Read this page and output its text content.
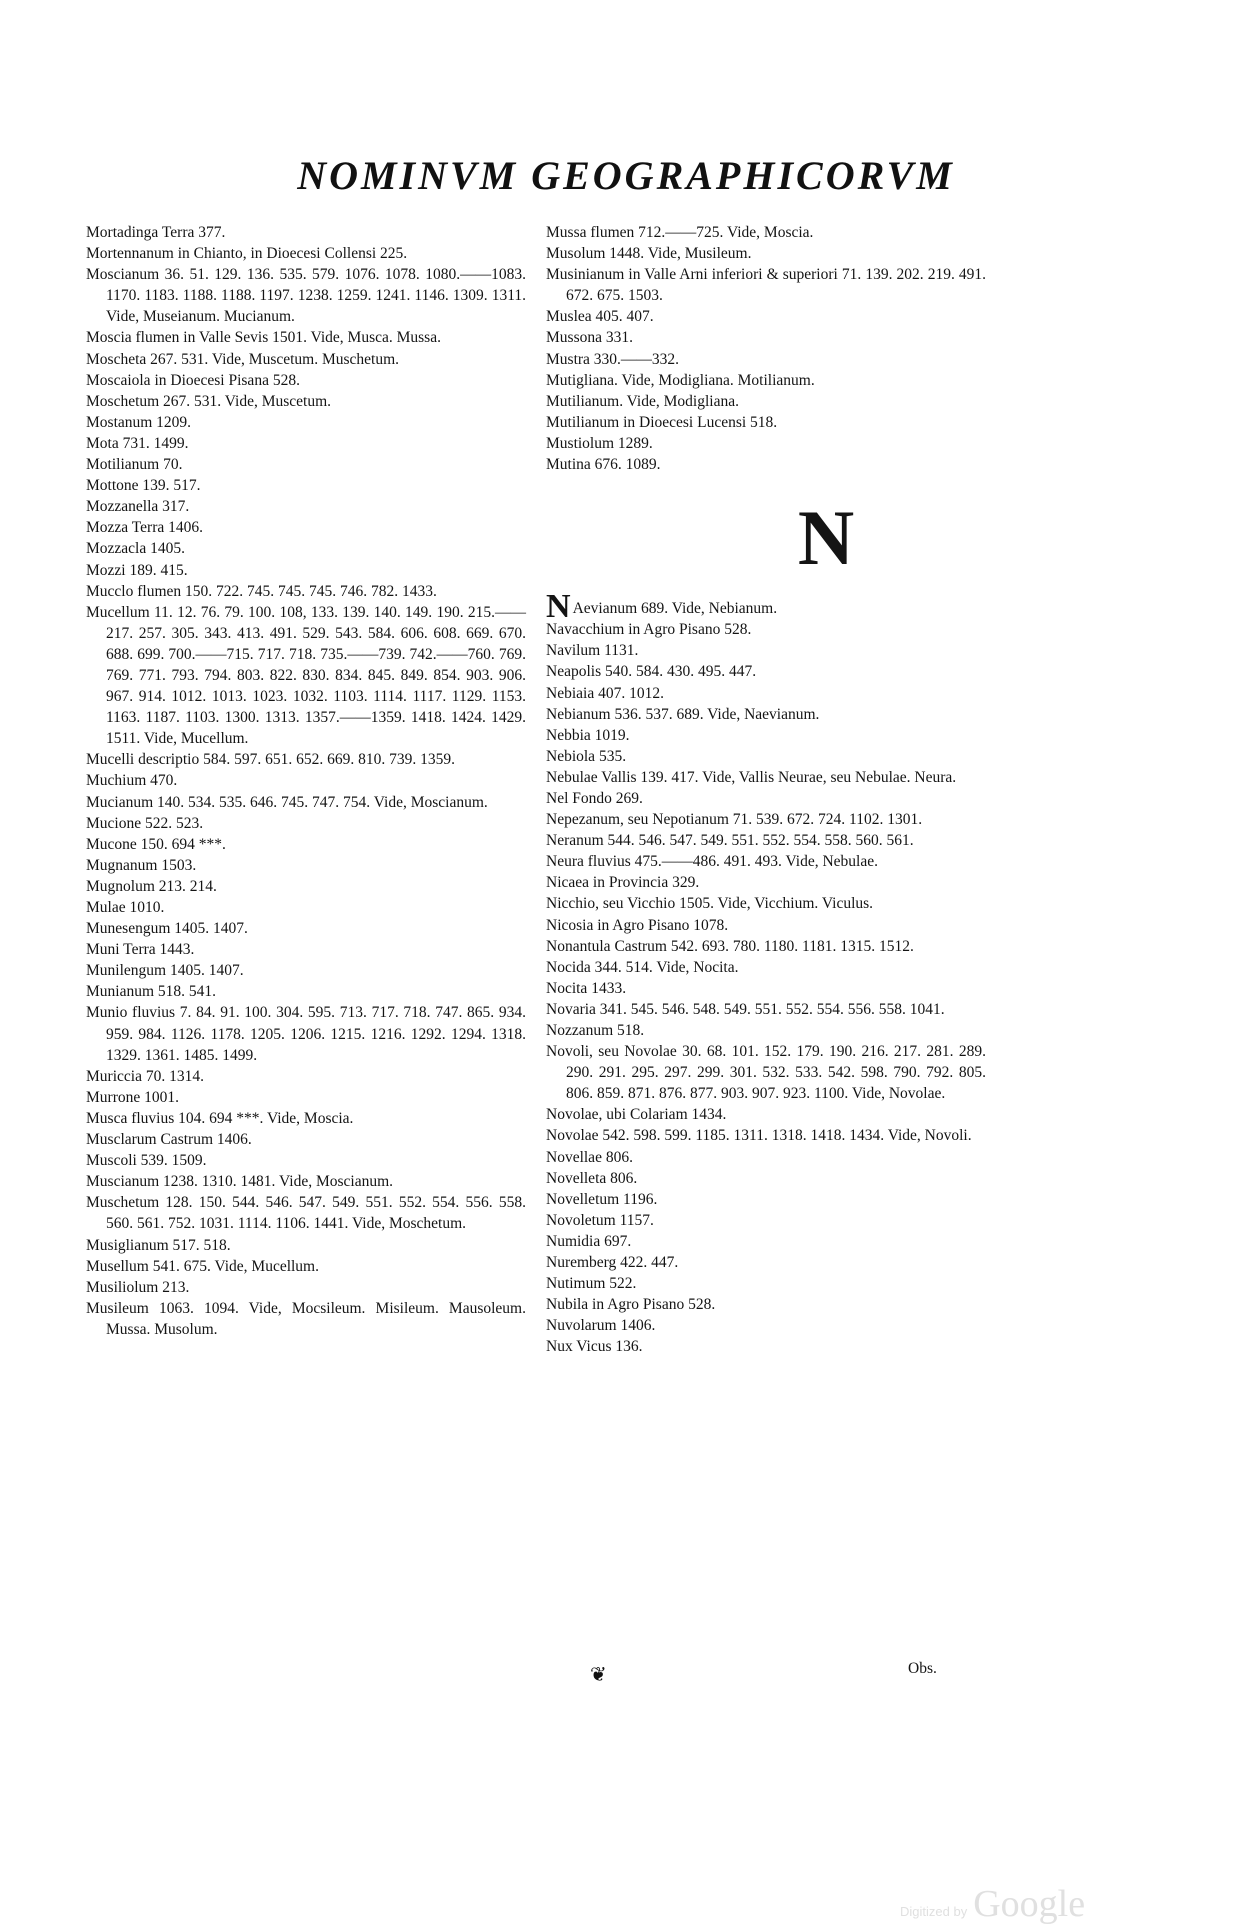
NOMINVM GEOGRAPHICORVM
Mortadinga Terra 377.
Mortennanum in Chianto, in Dioecesi Collensi 225.
Moscianum 36. 51. 129. 136. 535. 579. 1076. 1078. 1080.——1083. 1170. 1183. 1188. 1188. 1197. 1238. 1259. 1241. 1146. 1309. 1311. Vide, Museianum. Mucianum.
Moscia flumen in Valle Sevis 1501. Vide, Musca. Mussa.
Moscheta 267. 531. Vide, Muscetum. Muschetum.
Moscaiola in Dioecesi Pisana 528.
Moschetum 267. 531. Vide, Muscetum.
Mostanum 1209.
Mota 731. 1499.
Motilianum 70.
Mottone 139. 517.
Mozzanella 317.
Mozza Terra 1406.
Mozzacla 1405.
Mozzi 189. 415.
Mucclo flumen 150. 722. 745. 745. 745. 746. 782. 1433.
Mucellum 11. 12. 76. 79. 100. 108, 133. 139. 140. 149. 190. 215.——217. 257. 305. 343. 413. 491. 529. 543. 584. 606. 608. 669. 670. 688. 699. 700.——715. 717. 718. 735.——739. 742.——760. 769. 769. 771. 793. 794. 803. 822. 830. 834. 845. 849. 854. 903. 906. 967. 914. 1012. 1013. 1023. 1032. 1103. 1114. 1117. 1129. 1153. 1163. 1187. 1103. 1300. 1313. 1357.——1359. 1418. 1424. 1429. 1511. Vide, Mucellum.
Mucelli descriptio 584. 597. 651. 652. 669. 810. 739. 1359.
Muchium 470.
Mucianum 140. 534. 535. 646. 745. 747. 754. Vide, Moscianum.
Mucione 522. 523.
Mucone 150. 694 ***.
Mugnanum 1503.
Mugnolum 213. 214.
Mulae 1010.
Munesengum 1405. 1407.
Muni Terra 1443.
Munilengum 1405. 1407.
Munianum 518. 541.
Munio fluvius 7. 84. 91. 100. 304. 595. 713. 717. 718. 747. 865. 934. 959. 984. 1126. 1178. 1205. 1206. 1215. 1216. 1292. 1294. 1318. 1329. 1361. 1485. 1499.
Muriccia 70. 1314.
Murrone 1001.
Musca fluvius 104. 694 ***. Vide, Moscia.
Musclarum Castrum 1406.
Muscoli 539. 1509.
Muscianum 1238. 1310. 1481. Vide, Moscianum.
Muschetum 128. 150. 544. 546. 547. 549. 551. 552. 554. 556. 558. 560. 561. 752. 1031. 1114. 1106. 1441. Vide, Moschetum.
Musiglianum 517. 518.
Musellum 541. 675. Vide, Mucellum.
Musiliolum 213.
Musileum 1063. 1094. Vide, Mocsileum. Misileum. Mausoleum. Mussa. Musolum.
Mussa flumen 712.——725. Vide, Moscia.
Musolum 1448. Vide, Musileum.
Musinianum in Valle Arni inferiori & superiori 71. 139. 202. 219. 491. 672. 675. 1503.
Muslea 405. 407.
Mussona 331.
Mustra 330.——332.
Mutigliana. Vide, Modigliana. Motilianum.
Mutilianum. Vide, Modigliana.
Mutilianum in Dioecesi Lucensi 518.
Mustiolum 1289.
Mutina 676. 1089.
N
N Aevianum 689. Vide, Nebianum.
Navacchium in Agro Pisano 528.
Navilum 1131.
Neapolis 540. 584. 430. 495. 447.
Nebiaia 407. 1012.
Nebianum 536. 537. 689. Vide, Naevianum.
Nebbia 1019.
Nebiola 535.
Nebulae Vallis 139. 417. Vide, Vallis Neurae, seu Nebulae. Neura.
Nel Fondo 269.
Nepezanum, seu Nepotianum 71. 539. 672. 724. 1102. 1301.
Neranum 544. 546. 547. 549. 551. 552. 554. 558. 560. 561.
Neura fluvius 475.——486. 491. 493. Vide, Nebulae.
Nicaea in Provincia 329.
Nicchio, seu Vicchio 1505. Vide, Vicchium. Viculus.
Nicosia in Agro Pisano 1078.
Nonantula Castrum 542. 693. 780. 1180. 1181. 1315. 1512.
Nocida 344. 514. Vide, Nocita.
Nocita 1433.
Novaria 341. 545. 546. 548. 549. 551. 552. 554. 556. 558. 1041.
Nozzanum 518.
Novoli, seu Novolae 30. 68. 101. 152. 179. 190. 216. 217. 281. 289. 290. 291. 295. 297. 299. 301. 532. 533. 542. 598. 790. 792. 805. 806. 859. 871. 876. 877. 903. 907. 923. 1100. Vide, Novolae.
Novolae, ubi Colariam 1434.
Novolae 542. 598. 599. 1185. 1311. 1318. 1418. 1434. Vide, Novoli.
Novellae 806.
Novelleta 806.
Novelletum 1196.
Novoletum 1157.
Numidia 697.
Nuremberg 422. 447.
Nutimum 522.
Nubila in Agro Pisano 528.
Nuvolarum 1406.
Nux Vicus 136.
❦	Obs.
Digitized by Google
